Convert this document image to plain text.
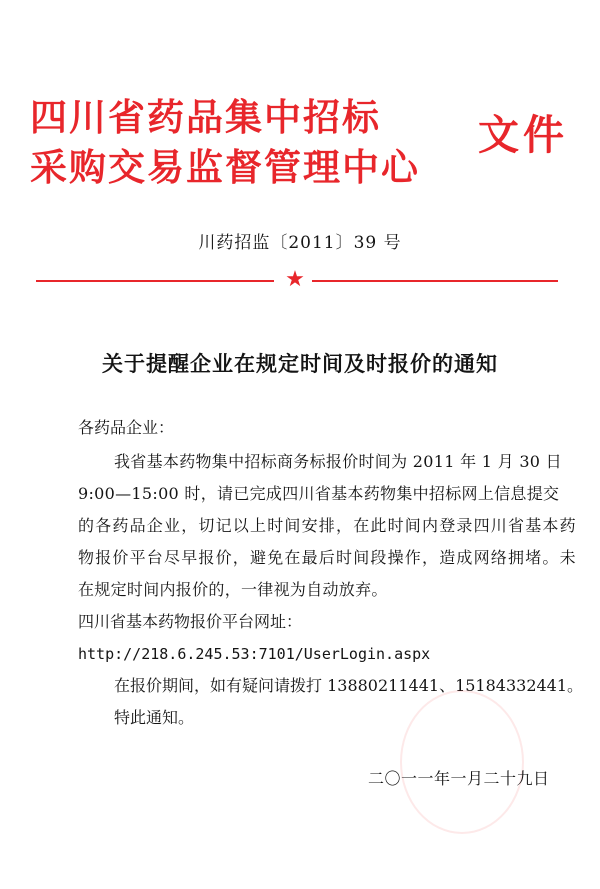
四川省药品集中招标
采购交易监督管理中心
文件
川药招监〔2011〕39 号
★
关于提醒企业在规定时间及时报价的通知
各药品企业：
我省基本药物集中招标商务标报价时间为 2011 年 1 月 30 日
9:00—15:00 时，请已完成四川省基本药物集中招标网上信息提交
的各药品企业，切记以上时间安排，在此时间内登录四川省基本药
物报价平台尽早报价，避免在最后时间段操作，造成网络拥堵。未
在规定时间内报价的，一律视为自动放弃。
四川省基本药物报价平台网址：
http://218.6.245.53:7101/UserLogin.aspx
在报价期间，如有疑问请拨打 13880211441、15184332441。
特此通知。
二〇一一年一月二十九日
